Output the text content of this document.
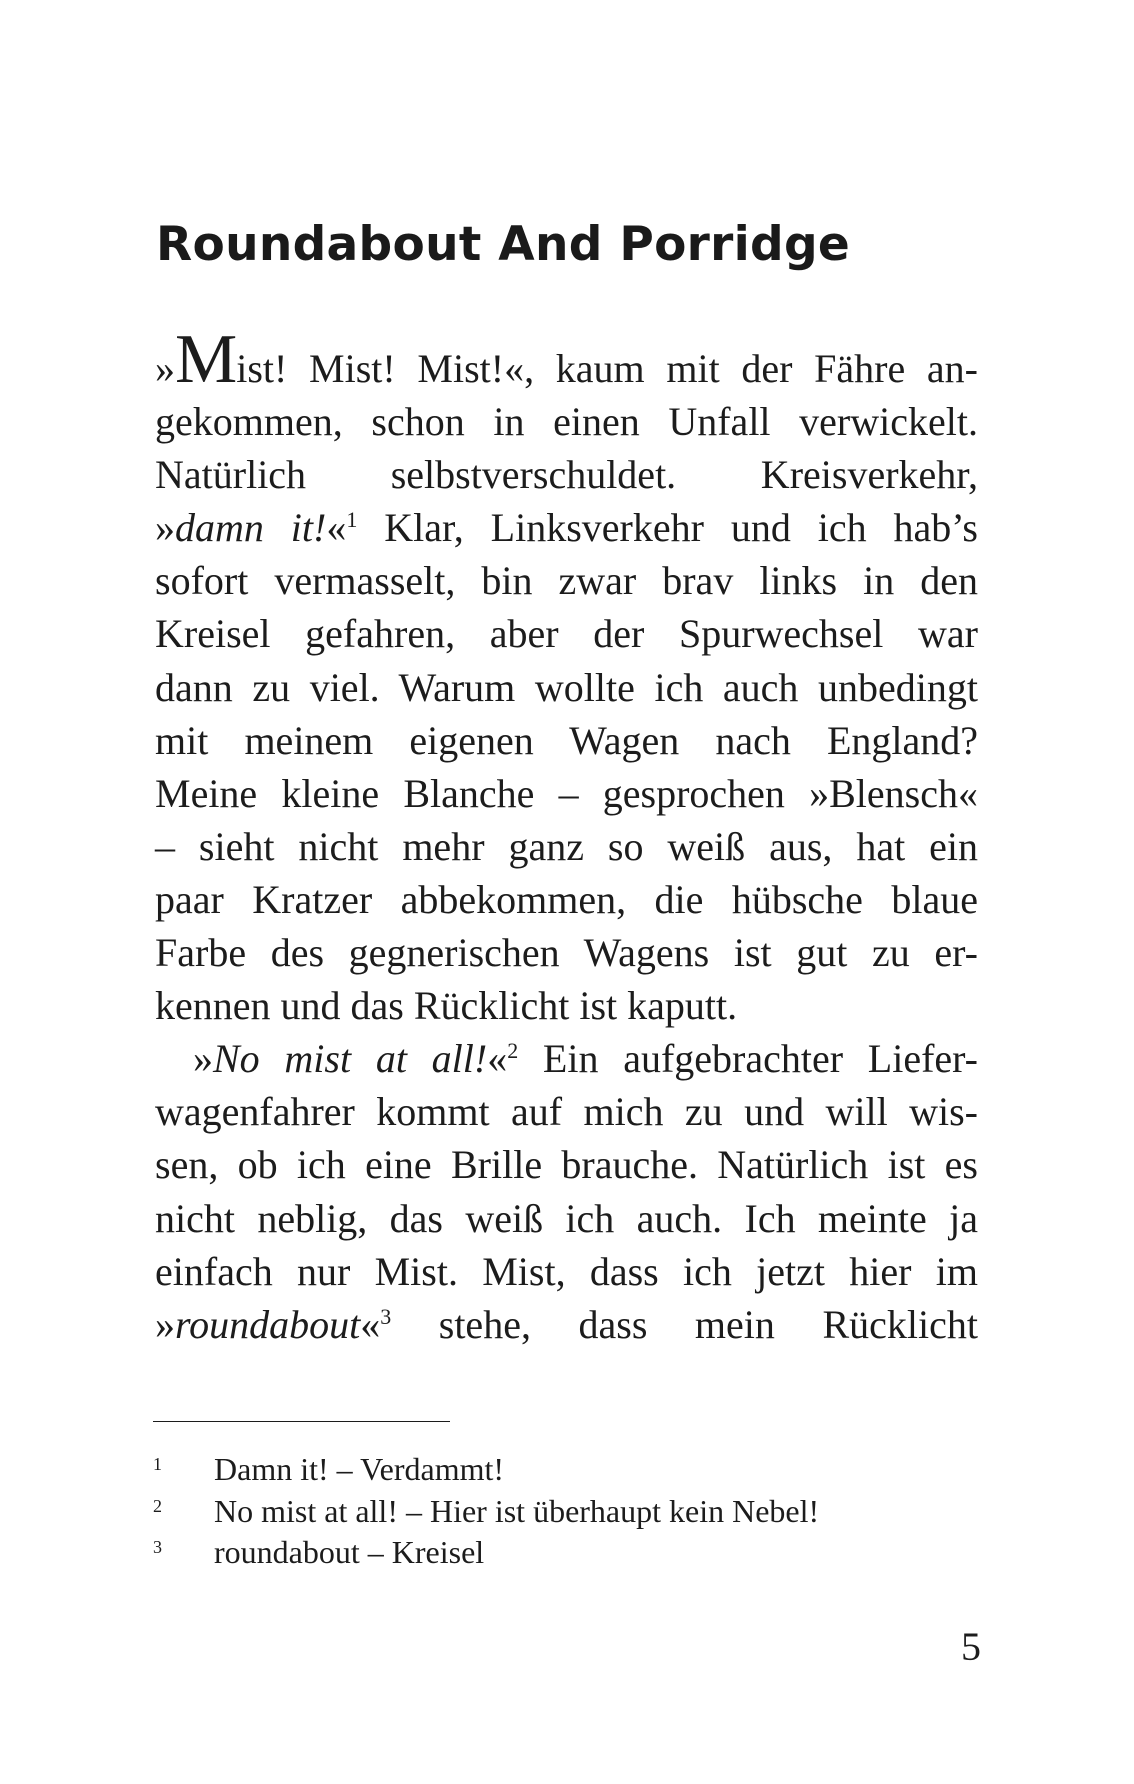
Roundabout And Porridge
»Mist! Mist! Mist!«, kaum mit der Fähre an-
gekommen, schon in einen Unfall verwickelt.
Natürlich selbstverschuldet. Kreisverkehr,
»damn it!«$^1$ Klar, Linksverkehr und ich hab’s
sofort vermasselt, bin zwar brav links in den
Kreisel gefahren, aber der Spurwechsel war
dann zu viel. Warum wollte ich auch unbedingt
mit meinem eigenen Wagen nach England?
Meine kleine Blanche – gesprochen »Blensch«
– sieht nicht mehr ganz so weiß aus, hat ein
paar Kratzer abbekommen, die hübsche blaue
Farbe des gegnerischen Wagens ist gut zu er-
kennen und das Rücklicht ist kaputt.
»No mist at all!«$^2$ Ein aufgebrachter Liefer-
wagenfahrer kommt auf mich zu und will wis-
sen, ob ich eine Brille brauche. Natürlich ist es
nicht neblig, das weiß ich auch. Ich meinte ja
einfach nur Mist. Mist, dass ich jetzt hier im
»roundabout«$^3$ stehe, dass mein Rücklicht
1	Damn it! – Verdammt!
2	No mist at all! – Hier ist überhaupt kein Nebel!
3	roundabout – Kreisel
5
